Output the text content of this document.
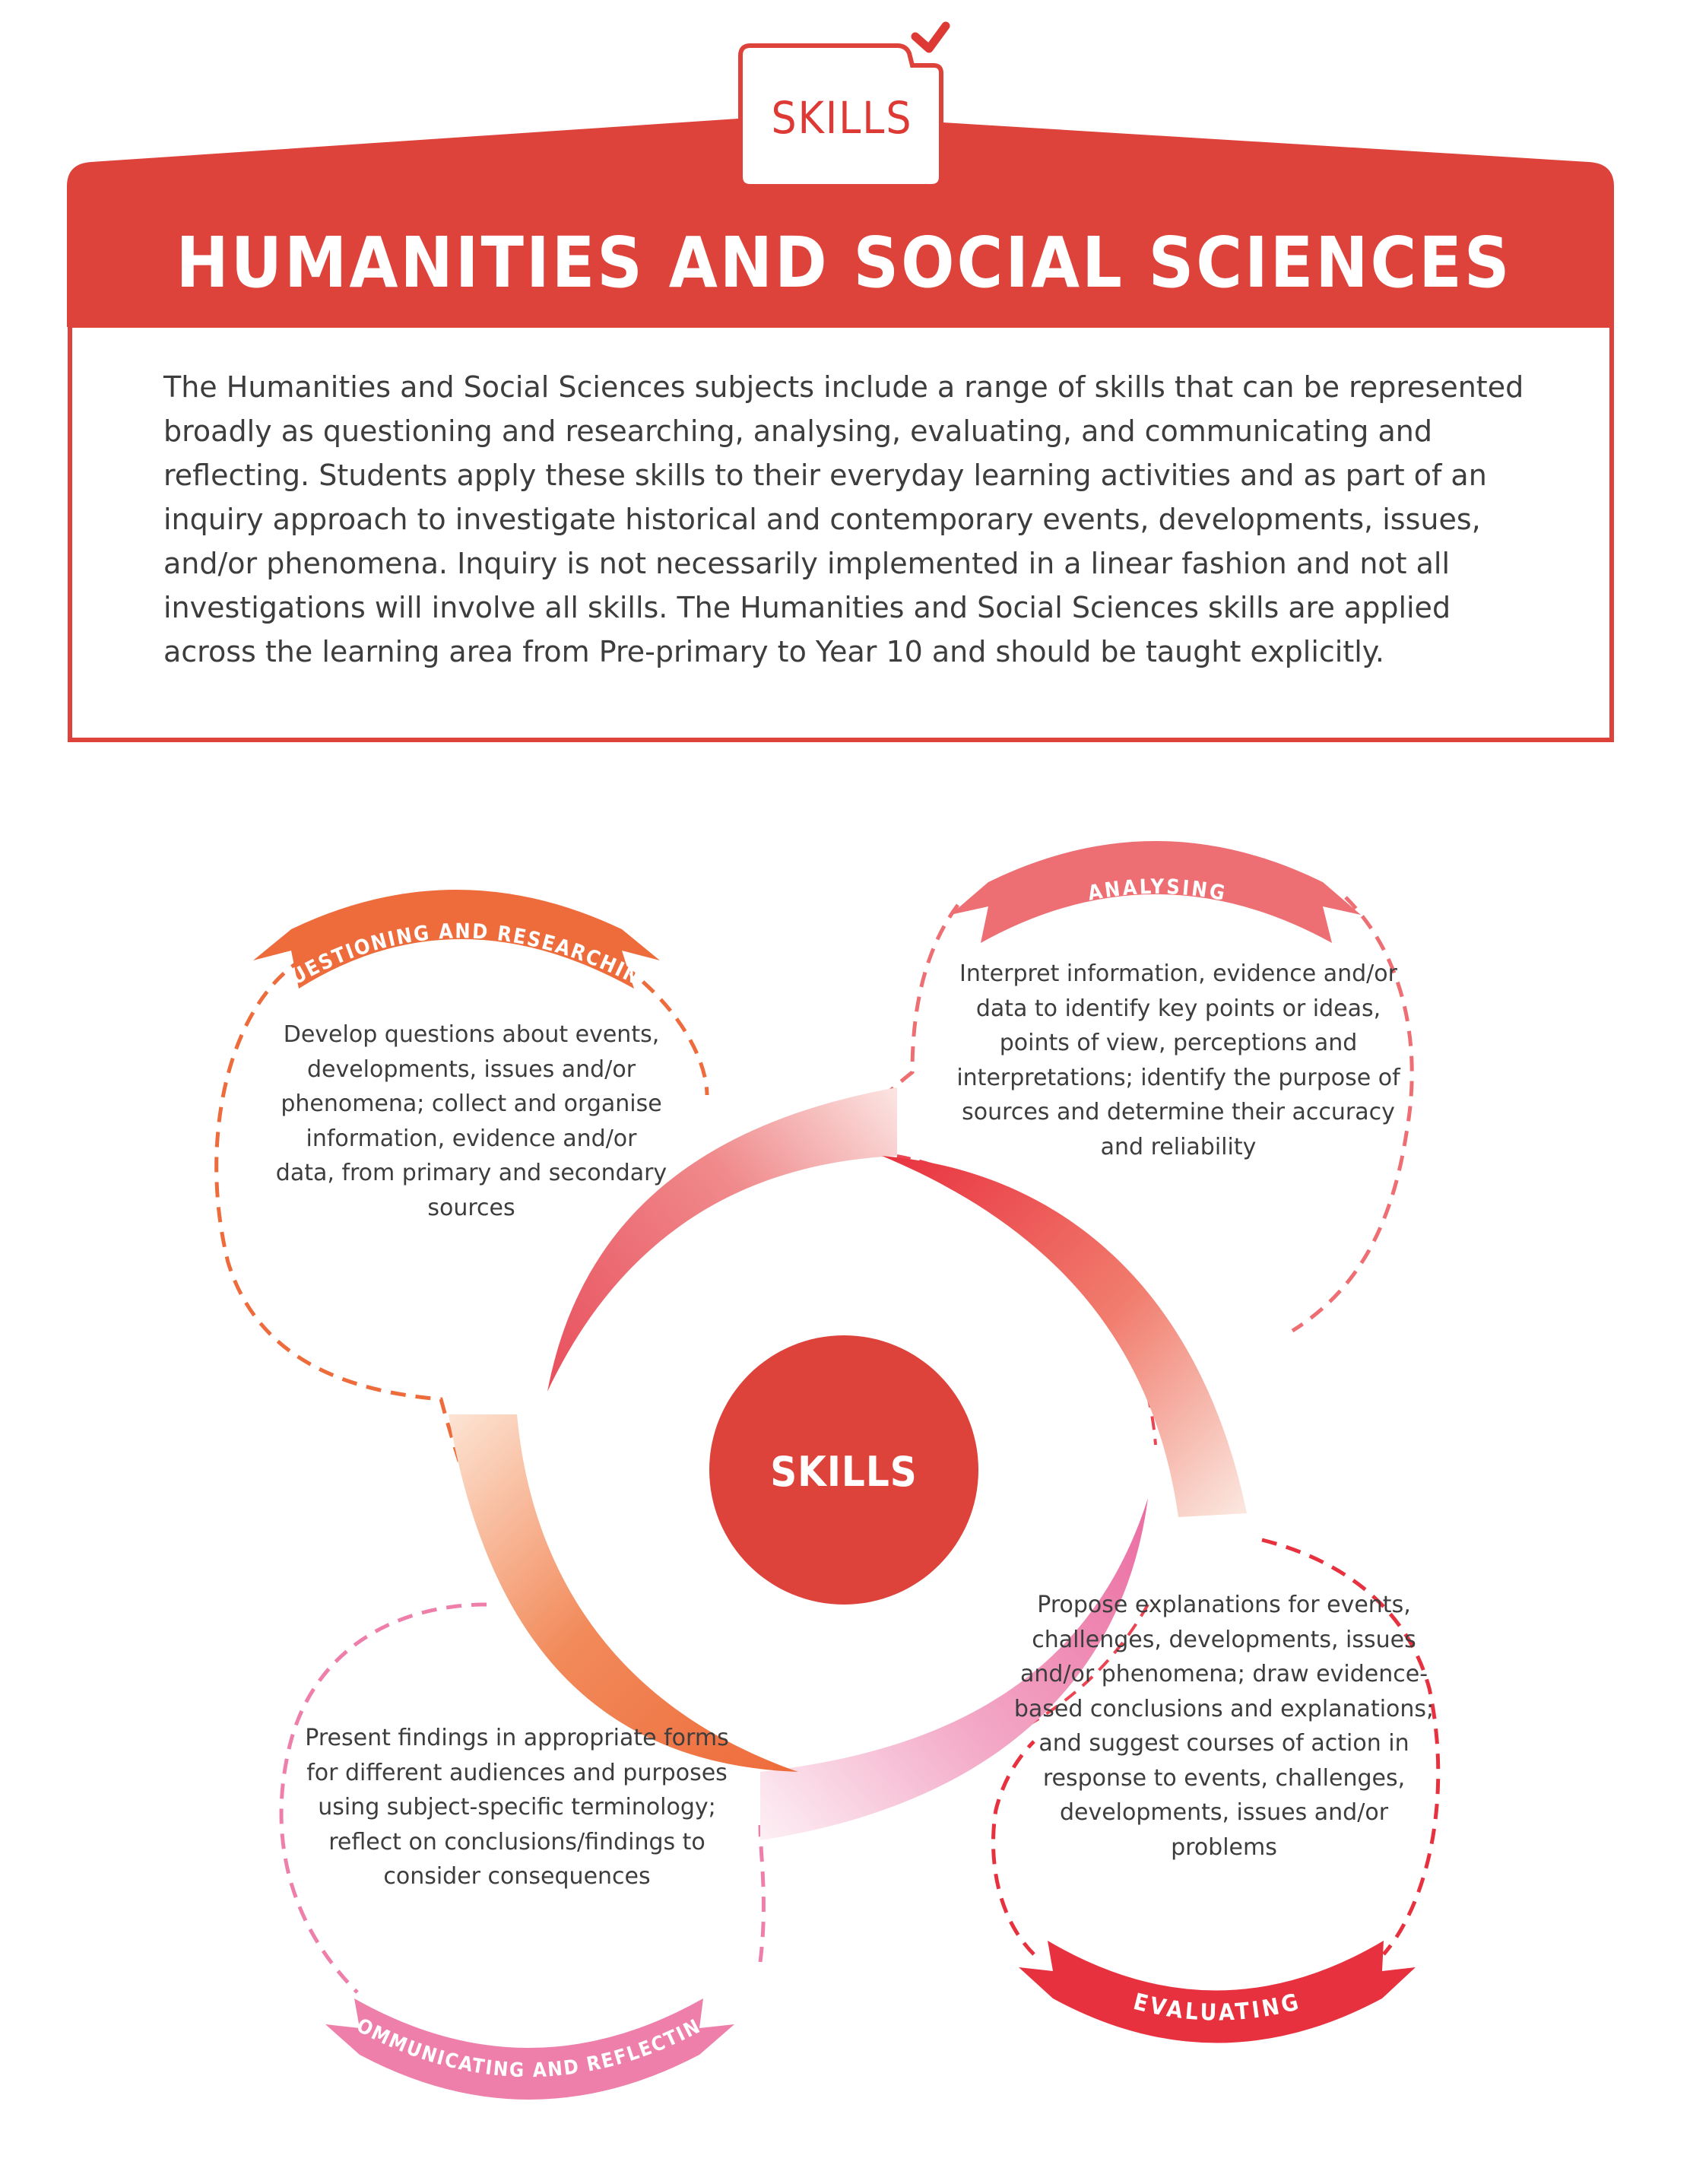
SKILLS
HUMANITIES AND SOCIAL SCIENCES
The Humanities and Social Sciences subjects include a range of skills that can be represented broadly as questioning and researching, analysing, evaluating, and communicating and reflecting. Students apply these skills to their everyday learning activities and as part of an inquiry approach to investigate historical and contemporary events, developments, issues, and/or phenomena. Inquiry is not necessarily implemented in a linear fashion and not all investigations will involve all skills. The Humanities and Social Sciences skills are applied across the learning area from Pre-primary to Year 10 and should be taught explicitly.
UESTIONING AND RESEARCHIN
ANALYSING
EVALUATING
OMMUNICATING AND REFLECTIN
SKILLS
Develop questions about events, developments, issues and/or phenomena; collect and organise information, evidence and/or data, from primary and secondary sources
Interpret information, evidence and/or data to identify key points or ideas, points of view, perceptions and interpretations; identify the purpose of sources and determine their accuracy and reliability
Propose explanations for events, challenges, developments, issues and/or phenomena; draw evidence-based conclusions and explanations; and suggest courses of action in response to events, challenges, developments, issues and/or problems
Present findings in appropriate forms for different audiences and purposes using subject-specific terminology; reflect on conclusions/findings to consider consequences
